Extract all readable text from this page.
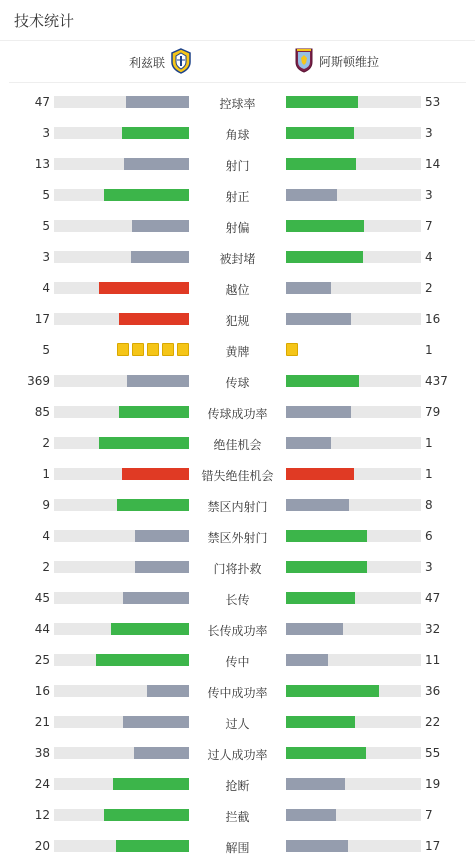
技术统计
利兹联	阿斯顿维拉
47	控球率	53
3	角球	3
13	射门	14
5	射正	3
5	射偏	7
3	被封堵	4
4	越位	2
17	犯规	16
5	黄牌	1
369	传球	437
85	传球成功率	79
2	绝佳机会	1
1	错失绝佳机会	1
9	禁区内射门	8
4	禁区外射门	6
2	门将扑救	3
45	长传	47
44	长传成功率	32
25	传中	11
16	传中成功率	36
21	过人	22
38	过人成功率	55
24	抢断	19
12	拦截	7
20	解围	17
